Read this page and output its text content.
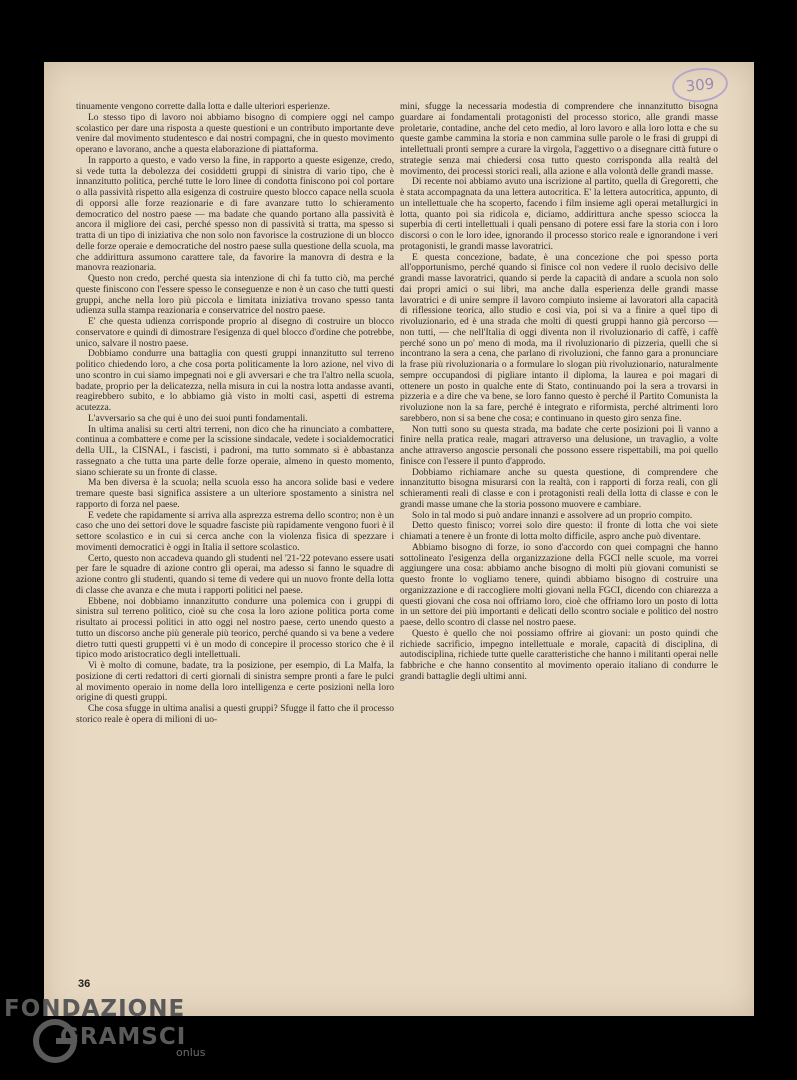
309

tinuamente vengono corrette dalla lotta e dalle ulteriori esperienze.

Lo stesso tipo di lavoro noi abbiamo bisogno di compiere oggi nel campo scolastico per dare una risposta a queste questioni e un contributo importante deve venire dal movimento studentesco e dai nostri compagni, che in questo movimento operano e lavorano, anche a questa elaborazione di piattaforma.

In rapporto a questo, e vado verso la fine, in rapporto a queste esigenze, credo, si vede tutta la debolezza dei cosiddetti gruppi di sinistra di vario tipo, che è innanzitutto politica, perché tutte le loro linee di condotta finiscono poi col portare o alla passività rispetto alla esigenza di costruire questo blocco capace nella scuola di opporsi alle forze reazionarie e di fare avanzare tutto lo schieramento democratico del nostro paese — ma badate che quando portano alla passività è ancora il migliore dei casi, perché spesso non di passività si tratta, ma spesso si tratta di un tipo di iniziativa che non solo non favorisce la costruzione di un blocco delle forze operaie e democratiche del nostro paese sulla questione della scuola, ma che addirittura assumono carattere tale, da favorire la manovra di destra e la manovra reazionaria.

Questo non credo, perché questa sia intenzione di chi fa tutto ciò, ma perché queste finiscono con l'essere spesso le conseguenze e non è un caso che tutti questi gruppi, anche nella loro più piccola e limitata iniziativa trovano spesso tanta udienza sulla stampa reazionaria e conservatrice del nostro paese.

E' che questa udienza corrisponde proprio al disegno di costruire un blocco conservatore e quindi di dimostrare l'esigenza di quel blocco d'ordine che potrebbe, unico, salvare il nostro paese.

Dobbiamo condurre una battaglia con questi gruppi innanzitutto sul terreno politico chiedendo loro, a che cosa porta politicamente la loro azione, nel vivo di uno scontro in cui siamo impegnati noi e gli avversari e che tra l'altro nella scuola, badate, proprio per la delicatezza, nella misura in cui la nostra lotta andasse avanti, reagirebbero subito, e lo abbiamo già visto in molti casi, aspetti di estrema acutezza.

L'avversario sa che qui è uno dei suoi punti fondamentali.

In ultima analisi su certi altri terreni, non dico che ha rinunciato a combattere, continua a combattere e come per la scissione sindacale, vedete i socialdemocratici della UIL, la CISNAL, i fascisti, i padroni, ma tutto sommato si è abbastanza rassegnato a che tutta una parte delle forze operaie, almeno in questo momento, siano schierate su un fronte di classe.

Ma ben diversa è la scuola; nella scuola esso ha ancora solide basi e vedere tremare queste basi significa assistere a un ulteriore spostamento a sinistra nel rapporto di forza nel paese.

E vedete che rapidamente si arriva alla asprezza estrema dello scontro; non è un caso che uno dei settori dove le squadre fasciste più rapidamente vengono fuori è il settore scolastico e in cui si cerca anche con la violenza fisica di spezzare i movimenti democratici è oggi in Italia il settore scolastico.

Certo, questo non accadeva quando gli studenti nel '21-'22 potevano essere usati per fare le squadre di azione contro gli operai, ma adesso si fanno le squadre di azione contro gli studenti, quando si teme di vedere qui un nuovo fronte della lotta di classe che avanza e che muta i rapporti politici nel paese.

Ebbene, noi dobbiamo innanzitutto condurre una polemica con i gruppi di sinistra sul terreno politico, cioè su che cosa la loro azione politica porta come risultato ai processi politici in atto oggi nel nostro paese, certo unendo questo a tutto un discorso anche più generale più teorico, perché quando si va bene a vedere dietro tutti questi gruppetti vi è un modo di concepire il processo storico che è il tipico modo aristocratico degli intellettuali.

Vi è molto di comune, badate, tra la posizione, per esempio, di La Malfa, la posizione di certi redattori di certi giornali di sinistra sempre pronti a fare le pulci al movimento operaio in nome della loro intelligenza e certe posizioni nella loro origine di questi gruppi.

Che cosa sfugge in ultima analisi a questi gruppi? Sfugge il fatto che il processo storico reale è opera di milioni di uo-

mini, sfugge la necessaria modestia di comprendere che innanzitutto bisogna guardare ai fondamentali protagonisti del processo storico, alle grandi masse proletarie, contadine, anche del ceto medio, al loro lavoro e alla loro lotta e che su queste gambe cammina la storia e non cammina sulle parole o le frasi di gruppi di intellettuali pronti sempre a curare la virgola, l'aggettivo o a disegnare città future o strategie senza mai chiedersi cosa tutto questo corrisponda alla realtà del movimento, dei processi storici reali, alla azione e alla volontà delle grandi masse.

Di recente noi abbiamo avuto una iscrizione al partito, quella di Gregoretti, che è stata accompagnata da una lettera autocritica. E' la lettera autocritica, appunto, di un intellettuale che ha scoperto, facendo i film insieme agli operai metallurgici in lotta, quanto poi sia ridicola e, diciamo, addirittura anche spesso sciocca la superbia di certi intellettuali i quali pensano di potere essi fare la storia con i loro discorsi o con le loro idee, ignorando il processo storico reale e ignorandone i veri protagonisti, le grandi masse lavoratrici.

E questa concezione, badate, è una concezione che poi spesso porta all'opportunismo, perché quando si finisce col non vedere il ruolo decisivo delle grandi masse lavoratrici, quando si perde la capacità di andare a scuola non solo dai propri amici o sui libri, ma anche dalla esperienza delle grandi masse lavoratrici e di unire sempre il lavoro compiuto insieme ai lavoratori alla capacità di riflessione teorica, allo studio e così via, poi si va a finire a quel tipo di rivoluzionario, ed è una strada che molti di questi gruppi hanno già percorso — non tutti, — che nell'Italia di oggi diventa non il rivoluzionario di caffè, i caffè perché sono un po' meno di moda, ma il rivoluzionario di pizzeria, quelli che si incontrano la sera a cena, che parlano di rivoluzioni, che fanno gara a pronunciare la frase più rivoluzionaria o a formulare lo slogan più rivoluzionario, naturalmente sempre occupandosi di pigliare intanto il diploma, la laurea e poi magari di ottenere un posto in qualche ente di Stato, continuando poi la sera a trovarsi in pizzeria e a dire che va bene, se loro fanno questo è perché il Partito Comunista la rivoluzione non la sa fare, perché è integrato e riformista, perché altrimenti loro sarebbero, non si sa bene che cosa; e continuano in questo giro senza fine.

Non tutti sono su questa strada, ma badate che certe posizioni poi lì vanno a finire nella pratica reale, magari attraverso una delusione, un travaglio, a volte anche attraverso angoscie personali che possono essere rispettabili, ma poi quello finisce con l'essere il punto d'approdo.

Dobbiamo richiamare anche su questa questione, di comprendere che innanzitutto bisogna misurarsi con la realtà, con i rapporti di forza reali, con gli schieramenti reali di classe e con i protagonisti reali della lotta di classe e con le grandi masse umane che la storia possono muovere e cambiare.

Solo in tal modo si può andare innanzi e assolvere ad un proprio compito.

Detto questo finisco; vorrei solo dire questo: il fronte di lotta che voi siete chiamati a tenere è un fronte di lotta molto difficile, aspro anche può diventare.

Abbiamo bisogno di forze, io sono d'accordo con quei compagni che hanno sottolineato l'esigenza della organizzazione della FGCI nelle scuole, ma vorrei aggiungere una cosa: abbiamo anche bisogno di molti più giovani comunisti se questo fronte lo vogliamo tenere, quindi abbiamo bisogno di costruire una organizzazione e di raccogliere molti giovani nella FGCI, dicendo con chiarezza a questi giovani che cosa noi offriamo loro, cioè che offriamo loro un posto di lotta in un settore dei più importanti e delicati dello scontro sociale e politico del nostro paese, dello scontro di classe nel nostro paese.

Questo è quello che noi possiamo offrire ai giovani: un posto quindi che richiede sacrificio, impegno intellettuale e morale, capacità di disciplina, di autodisciplina, richiede tutte quelle caratteristiche che hanno i militanti operai nelle fabbriche e che hanno consentito al movimento operaio italiano di condurre le grandi battaglie degli ultimi anni.

36
FONDAZIONE
GRAMSCI
onlus
